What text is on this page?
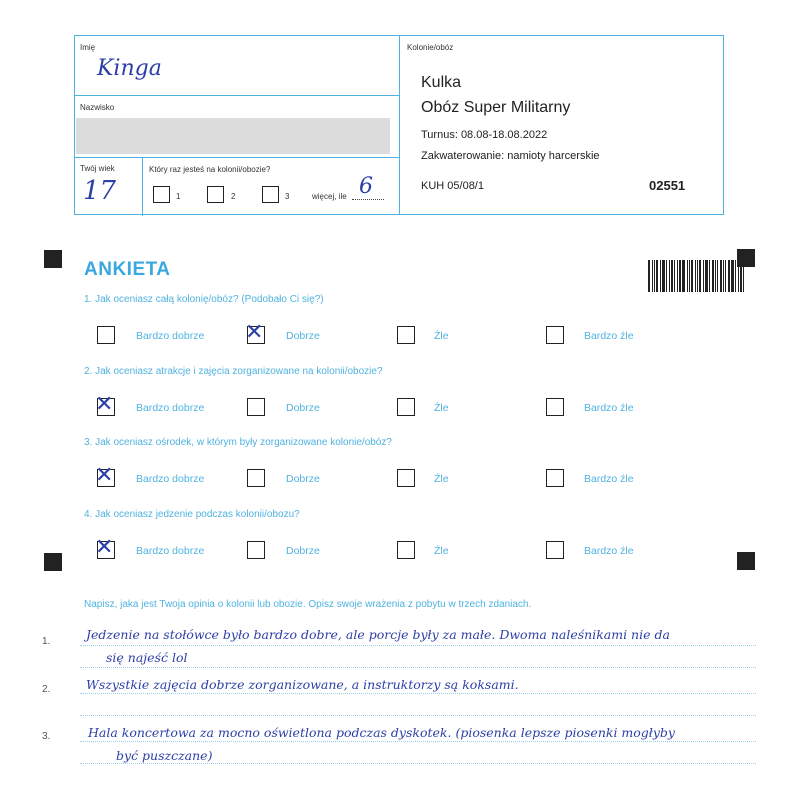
Imię
Kinga
Nazwisko
Twój wiek
17
Który raz jesteś na kolonii/obozie?
1	2	3	więcej, ile 6
Kolonie/obóz
Kulka
Obóz Super Militarny
Turnus: 08.08-18.08.2022
Zakwaterowanie: namioty harcerskie
KUH 05/08/1	02551
ANKIETA
1. Jak oceniasz całą kolonię/obóz? (Podobało Ci się?)
Bardzo dobrze ✕ Dobrze	Źle	Bardzo źle
2. Jak oceniasz atrakcje i zajęcia zorganizowane na kolonii/obozie?
✕ Bardzo dobrze	Dobrze	Źle	Bardzo źle
3. Jak oceniasz ośrodek, w którym były zorganizowane kolonie/obóz?
✕ Bardzo dobrze	Dobrze	Źle	Bardzo źle
4. Jak oceniasz jedzenie podczas kolonii/obozu?
✕ Bardzo dobrze	Dobrze	Źle	Bardzo źle
Napisz, jaka jest Twoja opinia o kolonii lub obozie. Opisz swoje wrażenia z pobytu w trzech zdaniach.
1.
2.
3.
Jedzenie na stołówce było bardzo dobre, ale porcje były za małe. Dwoma naleśnikami nie da
się najeść lol
Wszystkie zajęcia dobrze zorganizowane, a instruktorzy są koksami.
Hala koncertowa za mocno oświetlona podczas dyskotek. (piosenka lepsze piosenki mogłyby
być puszczane)
